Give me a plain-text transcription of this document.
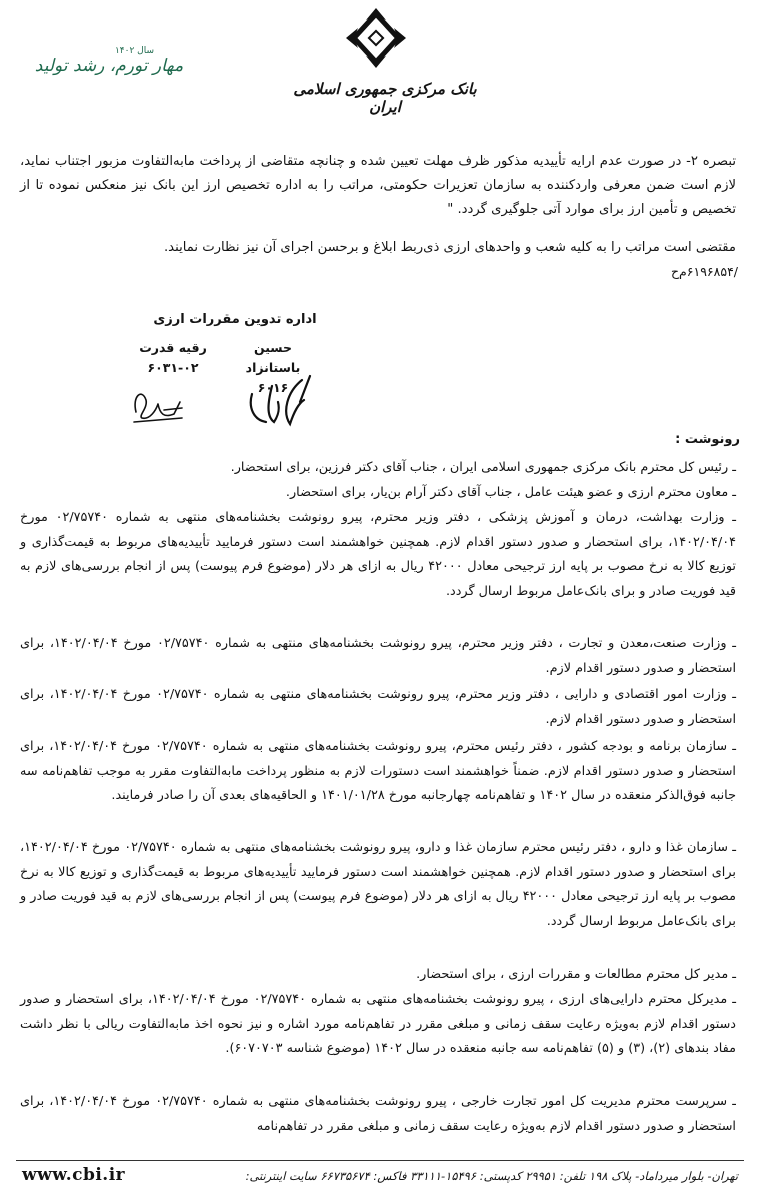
بانک مرکزی جمهوری اسلامی ایران
سال ۱۴۰۲
مهار تورم، رشد تولید
تبصره ۲- در صورت عدم ارایه تأییدیه مذکور ظرف مهلت تعیین شده و چنانچه متقاضی از پرداخت مابه‌التفاوت مزبور اجتناب نماید، لازم است ضمن معرفی واردکننده به سازمان تعزیرات حکومتی، مراتب را به اداره تخصیص ارز این بانک نیز منعکس نموده تا از تخصیص و تأمین ارز برای موارد آتی جلوگیری گردد. "
مقتضی است مراتب را به کلیه شعب و واحدهای ارزی ذی‌ربط ابلاغ و برحسن اجرای آن نیز نظارت نمایند.
/۶۱۹۶۸۵۴م‌ح
اداره تدوین مقررات ارزی
حسین باستانزاد
۶۰۱۶
رقیه قدرت
۶۰۳۱-۰۲
رونوشت :
ـ رئیس کل محترم بانک مرکزی جمهوری اسلامی ایران ، جناب آقای دکتر فرزین، برای استحضار.
ـ معاون محترم ارزی و عضو هیئت عامل ، جناب آقای دکتر آرام بن‌یار، برای استحضار.
ـ وزارت بهداشت، درمان و آموزش پزشکی ، دفتر وزیر محترم، پیرو رونوشت بخشنامه‌های منتهی به شماره ۰۲/۷۵۷۴۰ مورخ ۱۴۰۲/۰۴/۰۴، برای استحضار و صدور دستور اقدام لازم. همچنین خواهشمند است دستور فرمایید تأییدیه‌های مربوط به قیمت‌گذاری و توزیع کالا به نرخ مصوب بر پایه ارز ترجیحی معادل ۴۲۰۰۰ ریال به ازای هر دلار (موضوع فرم پیوست) پس از انجام بررسی‌های لازم به قید فوریت صادر و برای بانک‌عامل مربوط ارسال گردد.
ـ وزارت صنعت،معدن و تجارت ، دفتر وزیر محترم، پیرو رونوشت بخشنامه‌های منتهی به شماره ۰۲/۷۵۷۴۰ مورخ ۱۴۰۲/۰۴/۰۴، برای استحضار و صدور دستور اقدام لازم.
ـ وزارت امور اقتصادی و دارایی ، دفتر وزیر محترم، پیرو رونوشت بخشنامه‌های منتهی به شماره ۰۲/۷۵۷۴۰ مورخ ۱۴۰۲/۰۴/۰۴، برای استحضار و صدور دستور اقدام لازم.
ـ سازمان برنامه و بودجه کشور ، دفتر رئیس محترم، پیرو رونوشت بخشنامه‌های منتهی به شماره ۰۲/۷۵۷۴۰ مورخ ۱۴۰۲/۰۴/۰۴، برای استحضار و صدور دستور اقدام لازم. ضمناً خواهشمند است دستورات لازم به منظور پرداخت مابه‌التفاوت مقرر به موجب تفاهم‌نامه سه جانبه فوق‌الذکر منعقده در سال ۱۴۰۲ و تفاهم‌نامه چهارجانبه مورخ ۱۴۰۱/۰۱/۲۸ و الحاقیه‌های بعدی آن را صادر فرمایند.
ـ سازمان غذا و دارو ، دفتر رئیس محترم سازمان غذا و دارو، پیرو رونوشت بخشنامه‌های منتهی به شماره ۰۲/۷۵۷۴۰ مورخ ۱۴۰۲/۰۴/۰۴، برای استحضار و صدور دستور اقدام لازم. همچنین خواهشمند است دستور فرمایید تأییدیه‌های مربوط به قیمت‌گذاری و توزیع کالا به نرخ مصوب بر پایه ارز ترجیحی معادل ۴۲۰۰۰ ریال به ازای هر دلار (موضوع فرم پیوست) پس از انجام بررسی‌های لازم به قید فوریت صادر و برای بانک‌عامل مربوط ارسال گردد.
ـ مدیر کل محترم مطالعات و مقررات ارزی ، برای استحضار.
ـ مدیرکل محترم دارایی‌های ارزی ، پیرو رونوشت بخشنامه‌های منتهی به شماره ۰۲/۷۵۷۴۰ مورخ ۱۴۰۲/۰۴/۰۴، برای استحضار و صدور دستور اقدام لازم به‌ویژه رعایت سقف زمانی و مبلغی مقرر در تفاهم‌نامه مورد اشاره و نیز نحوه اخذ مابه‌التفاوت ریالی با نظر داشت مفاد بندهای (۲)، (۳) و (۵) تفاهم‌نامه سه جانبه منعقده در سال ۱۴۰۲ (موضوع شناسه ۶۰۷۰۷۰۳).
ـ سرپرست محترم مدیریت کل امور تجارت خارجی ، پیرو رونوشت بخشنامه‌های منتهی به شماره ۰۲/۷۵۷۴۰ مورخ ۱۴۰۲/۰۴/۰۴، برای استحضار و صدور دستور اقدام لازم به‌ویژه رعایت سقف زمانی و مبلغی مقرر در تفاهم‌نامه
www.cbi.ir	تهران- بلوار میرداماد- پلاک ۱۹۸ تلفن: ۲۹۹۵۱ کدپستی: ۱۵۴۹۶-۳۳۱۱۱ فاکس: ۶۶۷۳۵۶۷۴ سایت اینترنتی:
